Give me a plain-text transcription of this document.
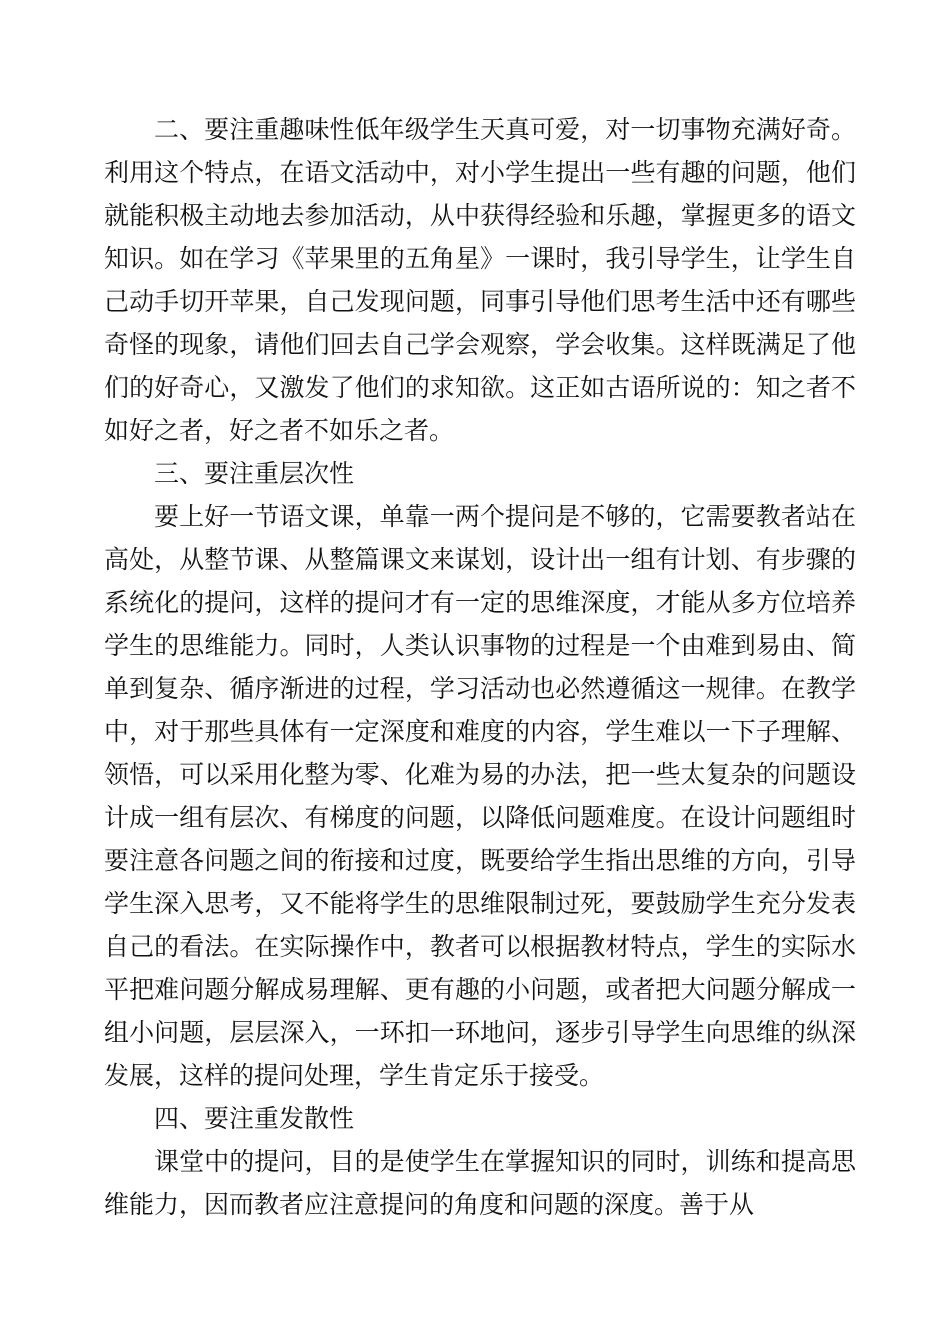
二、要注重趣味性低年级学生天真可爱，对一切事物充满好奇。利用这个特点，在语文活动中，对小学生提出一些有趣的问题，他们就能积极主动地去参加活动，从中获得经验和乐趣，掌握更多的语文知识。如在学习《苹果里的五角星》一课时，我引导学生，让学生自己动手切开苹果，自己发现问题，同事引导他们思考生活中还有哪些奇怪的现象，请他们回去自己学会观察，学会收集。这样既满足了他们的好奇心，又激发了他们的求知欲。这正如古语所说的：知之者不如好之者，好之者不如乐之者。

三、要注重层次性

要上好一节语文课，单靠一两个提问是不够的，它需要教者站在高处，从整节课、从整篇课文来谋划，设计出一组有计划、有步骤的系统化的提问，这样的提问才有一定的思维深度，才能从多方位培养学生的思维能力。同时，人类认识事物的过程是一个由难到易由、简单到复杂、循序渐进的过程，学习活动也必然遵循这一规律。在教学中，对于那些具体有一定深度和难度的内容，学生难以一下子理解、领悟，可以采用化整为零、化难为易的办法，把一些太复杂的问题设计成一组有层次、有梯度的问题，以降低问题难度。在设计问题组时要注意各问题之间的衔接和过度，既要给学生指出思维的方向，引导学生深入思考，又不能将学生的思维限制过死，要鼓励学生充分发表自己的看法。在实际操作中，教者可以根据教材特点，学生的实际水平把难问题分解成易理解、更有趣的小问题，或者把大问题分解成一组小问题，层层深入，一环扣一环地问，逐步引导学生向思维的纵深发展，这样的提问处理，学生肯定乐于接受。

四、要注重发散性

课堂中的提问，目的是使学生在掌握知识的同时，训练和提高思维能力，因而教者应注意提问的角度和问题的深度。善于从
